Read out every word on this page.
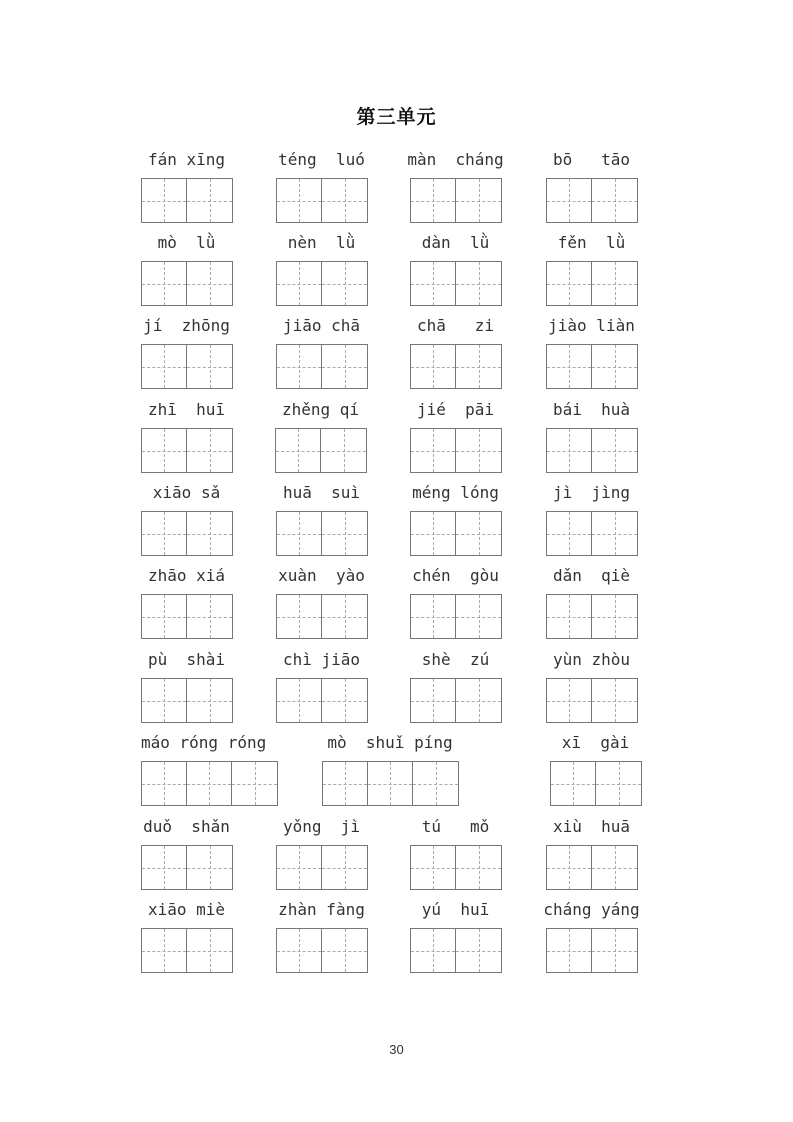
第三单元
fán xīng	téng  luó	màn  cháng	bō   tāo
mò  lǜ	nèn  lǜ	dàn  lǜ	fěn  lǜ
jí  zhōng	jiāo chā	chā   zi	jiào liàn
zhī  huī	zhěng qí	jié  pāi	bái  huà
xiāo sǎ	huā  suì	méng lóng	jì  jìng
zhāo xiá	xuàn  yào	chén  gòu	dǎn  qiè
pù  shài	chì jiāo	shè  zú	yùn zhòu
máo róng róng	mò  shuǐ píng	xī  gài
duǒ  shǎn	yǒng  jì	tú   mǒ	xiù  huā
xiāo miè	zhàn fàng	yú  huī	cháng yáng
30
